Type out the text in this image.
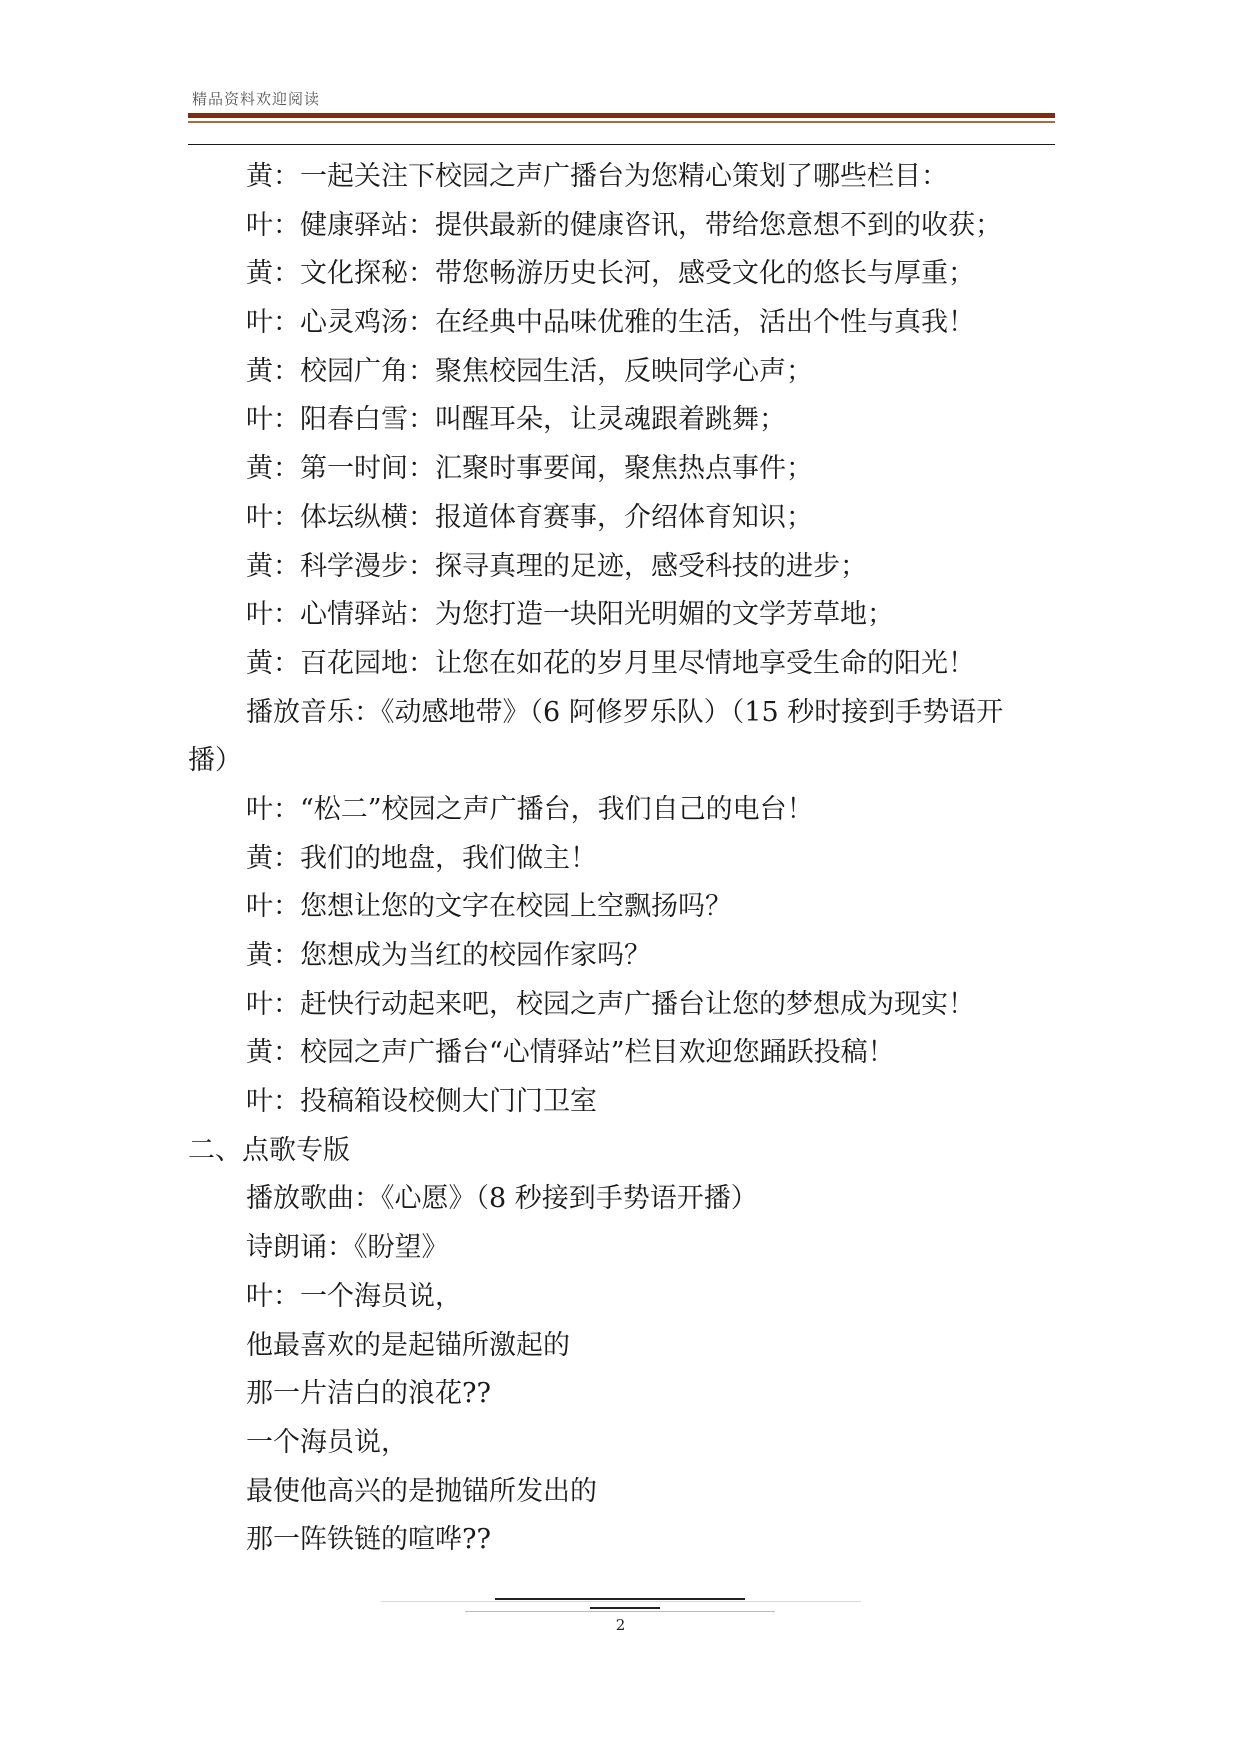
精品资料欢迎阅读
黄：一起关注下校园之声广播台为您精心策划了哪些栏目：
叶：健康驿站：提供最新的健康咨讯，带给您意想不到的收获；
黄：文化探秘：带您畅游历史长河，感受文化的悠长与厚重；
叶：心灵鸡汤：在经典中品味优雅的生活，活出个性与真我！
黄：校园广角：聚焦校园生活，反映同学心声；
叶：阳春白雪：叫醒耳朵，让灵魂跟着跳舞；
黄：第一时间：汇聚时事要闻，聚焦热点事件；
叶：体坛纵横：报道体育赛事，介绍体育知识；
黄：科学漫步：探寻真理的足迹，感受科技的进步；
叶：心情驿站：为您打造一块阳光明媚的文学芳草地；
黄：百花园地：让您在如花的岁月里尽情地享受生命的阳光！
播放音乐：《动感地带》（6 阿修罗乐队）（15 秒时接到手势语开
播）
叶：“松二”校园之声广播台，我们自己的电台！
黄：我们的地盘，我们做主！
叶：您想让您的文字在校园上空飘扬吗？
黄：您想成为当红的校园作家吗？
叶：赶快行动起来吧，校园之声广播台让您的梦想成为现实！
黄：校园之声广播台“心情驿站”栏目欢迎您踊跃投稿！
叶：投稿箱设校侧大门门卫室
二、点歌专版
播放歌曲：《心愿》（8 秒接到手势语开播）
诗朗诵：《盼望》
叶：一个海员说，
他最喜欢的是起锚所激起的
那一片洁白的浪花??
一个海员说，
最使他高兴的是抛锚所发出的
那一阵铁链的喧哗??
2
